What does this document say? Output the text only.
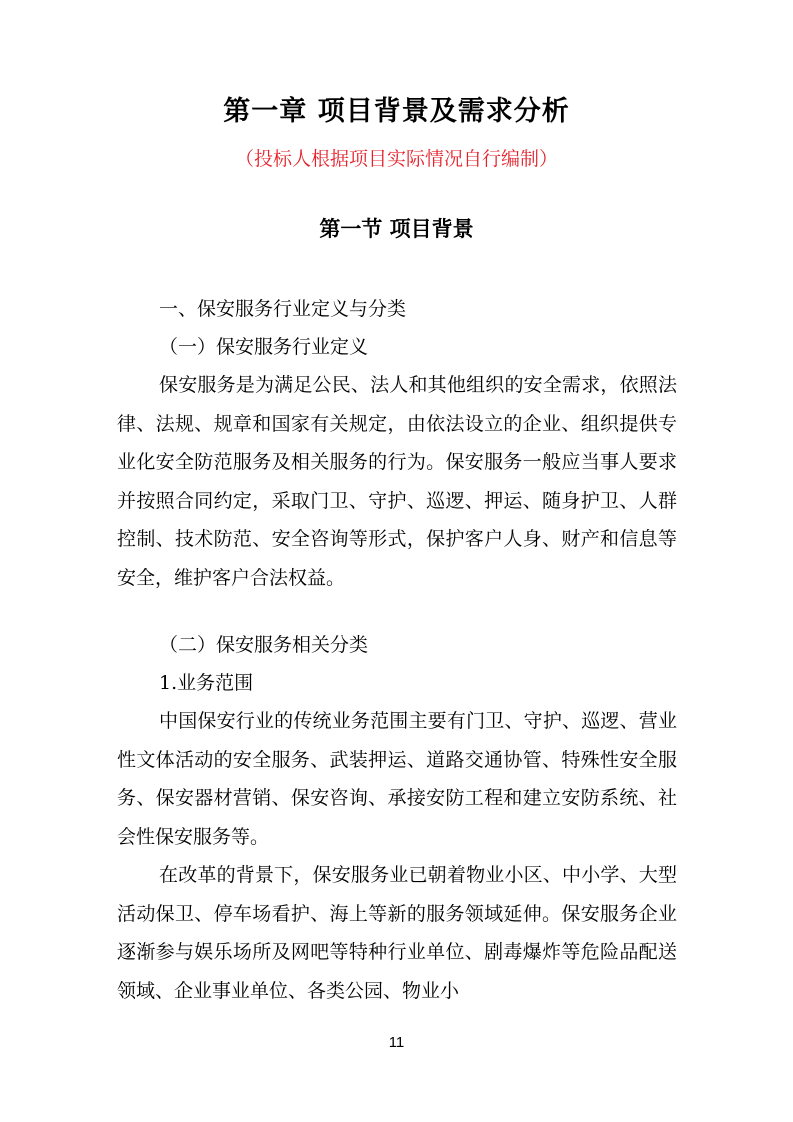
第一章 项目背景及需求分析

（投标人根据项目实际情况自行编制）

第一节 项目背景

一、保安服务行业定义与分类

（一）保安服务行业定义

保安服务是为满足公民、法人和其他组织的安全需求，依照法律、法规、规章和国家有关规定，由依法设立的企业、组织提供专业化安全防范服务及相关服务的行为。保安服务一般应当事人要求并按照合同约定，采取门卫、守护、巡逻、押运、随身护卫、人群控制、技术防范、安全咨询等形式，保护客户人身、财产和信息等安全，维护客户合法权益。

（二）保安服务相关分类

1.业务范围

中国保安行业的传统业务范围主要有门卫、守护、巡逻、营业性文体活动的安全服务、武装押运、道路交通协管、特殊性安全服务、保安器材营销、保安咨询、承接安防工程和建立安防系统、社会性保安服务等。

在改革的背景下，保安服务业已朝着物业小区、中小学、大型活动保卫、停车场看护、海上等新的服务领域延伸。保安服务企业逐渐参与娱乐场所及网吧等特种行业单位、剧毒爆炸等危险品配送领域、企业事业单位、各类公园、物业小

11
